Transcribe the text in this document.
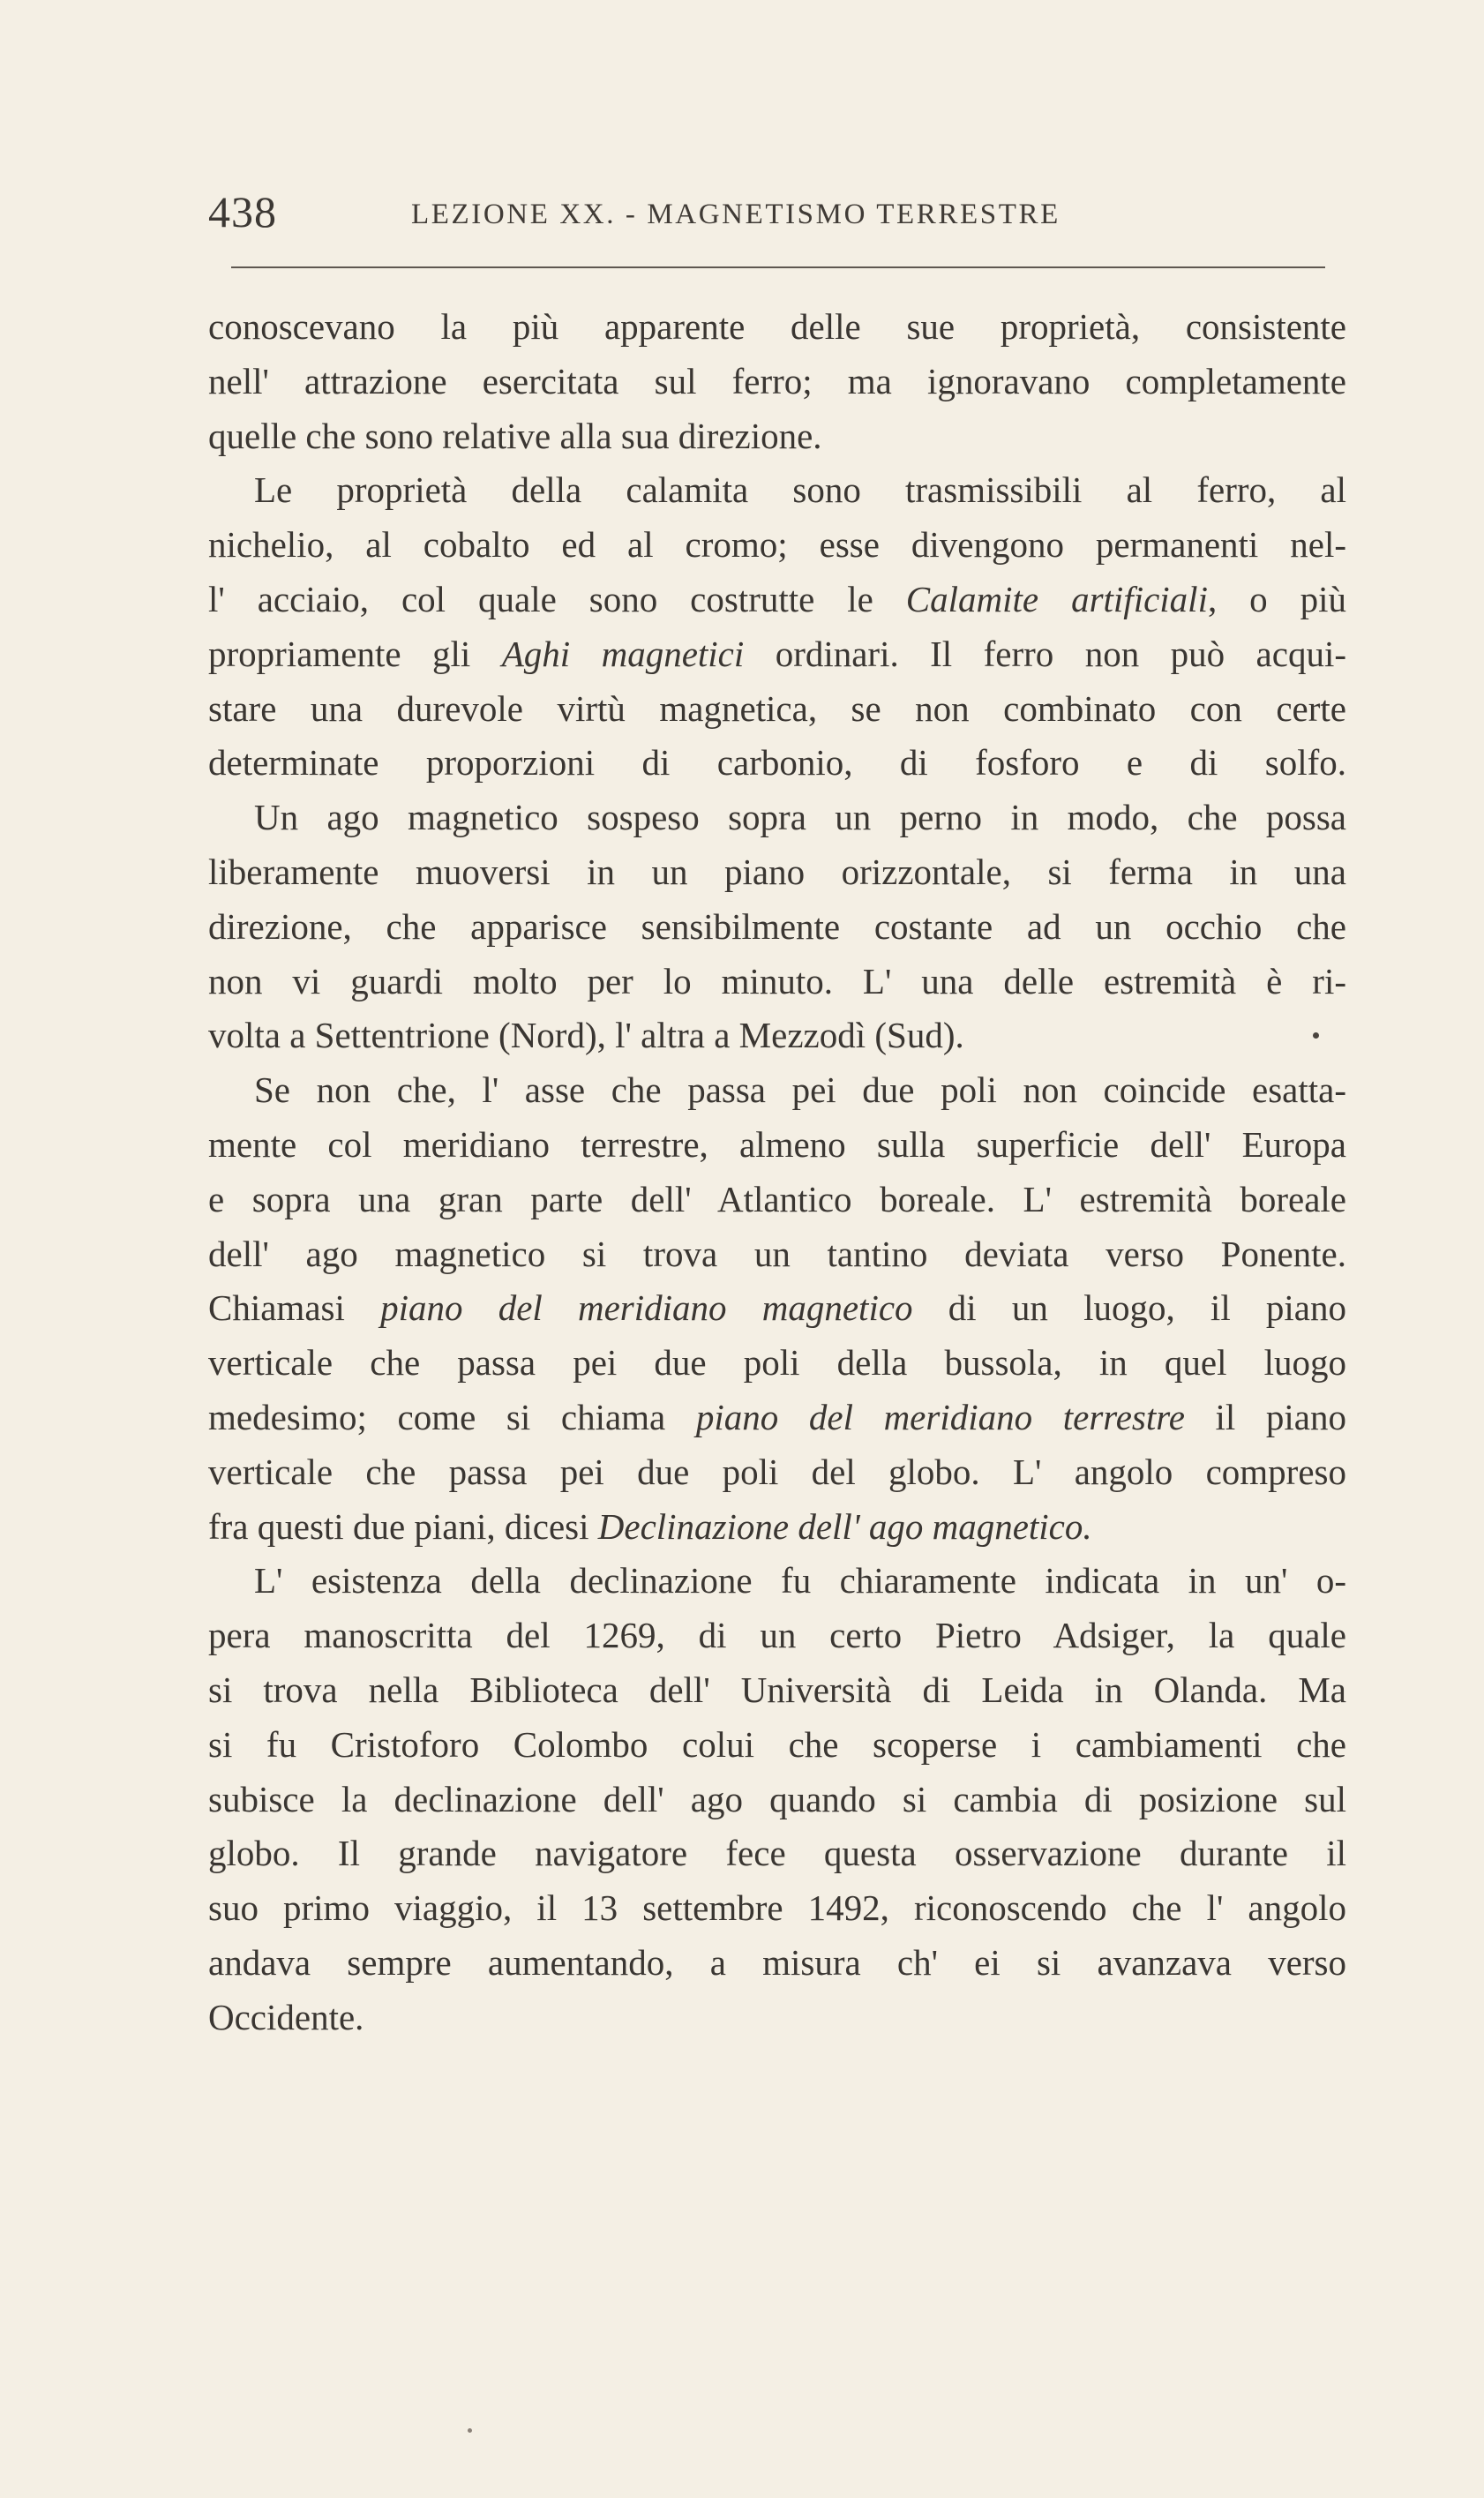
438	LEZIONE XX. - MAGNETISMO TERRESTRE
conoscevano la più apparente delle sue proprietà, consistente
nell' attrazione esercitata sul ferro; ma ignoravano completamente
quelle che sono relative alla sua direzione.
Le proprietà della calamita sono trasmissibili al ferro, al
nichelio, al cobalto ed al cromo; esse divengono permanenti nel-
l' acciaio, col quale sono costrutte le Calamite artificiali, o più
propriamente gli Aghi magnetici ordinari. Il ferro non può acqui-
stare una durevole virtù magnetica, se non combinato con certe
determinate proporzioni di carbonio, di fosforo e di solfo.
Un ago magnetico sospeso sopra un perno in modo, che possa
liberamente muoversi in un piano orizzontale, si ferma in una
direzione, che apparisce sensibilmente costante ad un occhio che
non vi guardi molto per lo minuto. L' una delle estremità è ri-
volta a Settentrione (Nord), l' altra a Mezzodì (Sud).
Se non che, l' asse che passa pei due poli non coincide esatta-
mente col meridiano terrestre, almeno sulla superficie dell' Europa
e sopra una gran parte dell' Atlantico boreale. L' estremità boreale
dell' ago magnetico si trova un tantino deviata verso Ponente.
Chiamasi piano del meridiano magnetico di un luogo, il piano
verticale che passa pei due poli della bussola, in quel luogo
medesimo; come si chiama piano del meridiano terrestre il piano
verticale che passa pei due poli del globo. L' angolo compreso
fra questi due piani, dicesi Declinazione dell' ago magnetico.
L' esistenza della declinazione fu chiaramente indicata in un' o-
pera manoscritta del 1269, di un certo Pietro Adsiger, la quale
si trova nella Biblioteca dell' Università di Leida in Olanda. Ma
si fu Cristoforo Colombo colui che scoperse i cambiamenti che
subisce la declinazione dell' ago quando si cambia di posizione sul
globo. Il grande navigatore fece questa osservazione durante il
suo primo viaggio, il 13 settembre 1492, riconoscendo che l' angolo
andava sempre aumentando, a misura ch' ei si avanzava verso
Occidente.
